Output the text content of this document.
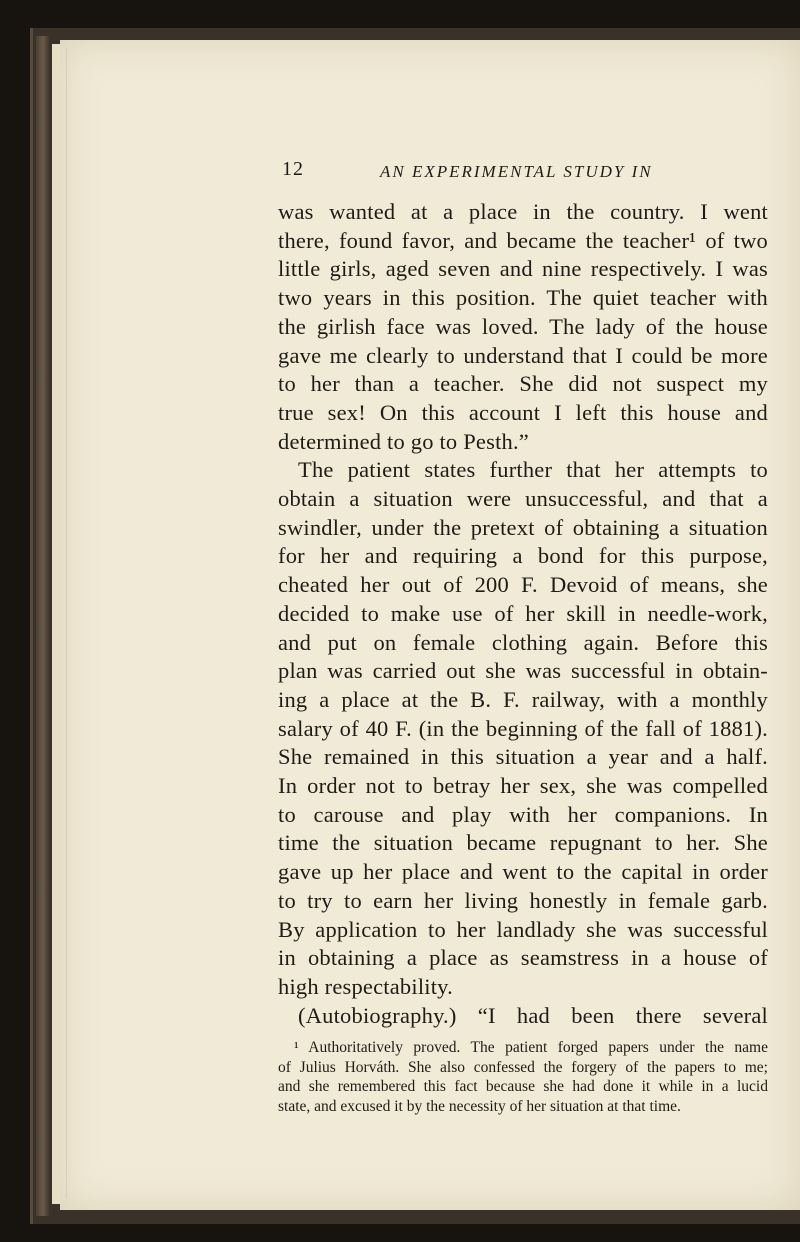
12	AN EXPERIMENTAL STUDY IN
was wanted at a place in the country. I went
there, found favor, and became the teacher¹ of two
little girls, aged seven and nine respectively. I was
two years in this position. The quiet teacher with
the girlish face was loved. The lady of the house
gave me clearly to understand that I could be more
to her than a teacher. She did not suspect my
true sex! On this account I left this house and
determined to go to Pesth.”
The patient states further that her attempts to
obtain a situation were unsuccessful, and that a
swindler, under the pretext of obtaining a situation
for her and requiring a bond for this purpose,
cheated her out of 200 F. Devoid of means, she
decided to make use of her skill in needle-work,
and put on female clothing again. Before this
plan was carried out she was successful in obtain-
ing a place at the B. F. railway, with a monthly
salary of 40 F. (in the beginning of the fall of 1881).
She remained in this situation a year and a half.
In order not to betray her sex, she was compelled
to carouse and play with her companions. In
time the situation became repugnant to her. She
gave up her place and went to the capital in order
to try to earn her living honestly in female garb.
By application to her landlady she was successful
in obtaining a place as seamstress in a house of
high respectability.
(Autobiography.) “I had been there several
¹ Authoritatively proved. The patient forged papers under the name
of Julius Horváth. She also confessed the forgery of the papers to me;
and she remembered this fact because she had done it while in a lucid
state, and excused it by the necessity of her situation at that time.
